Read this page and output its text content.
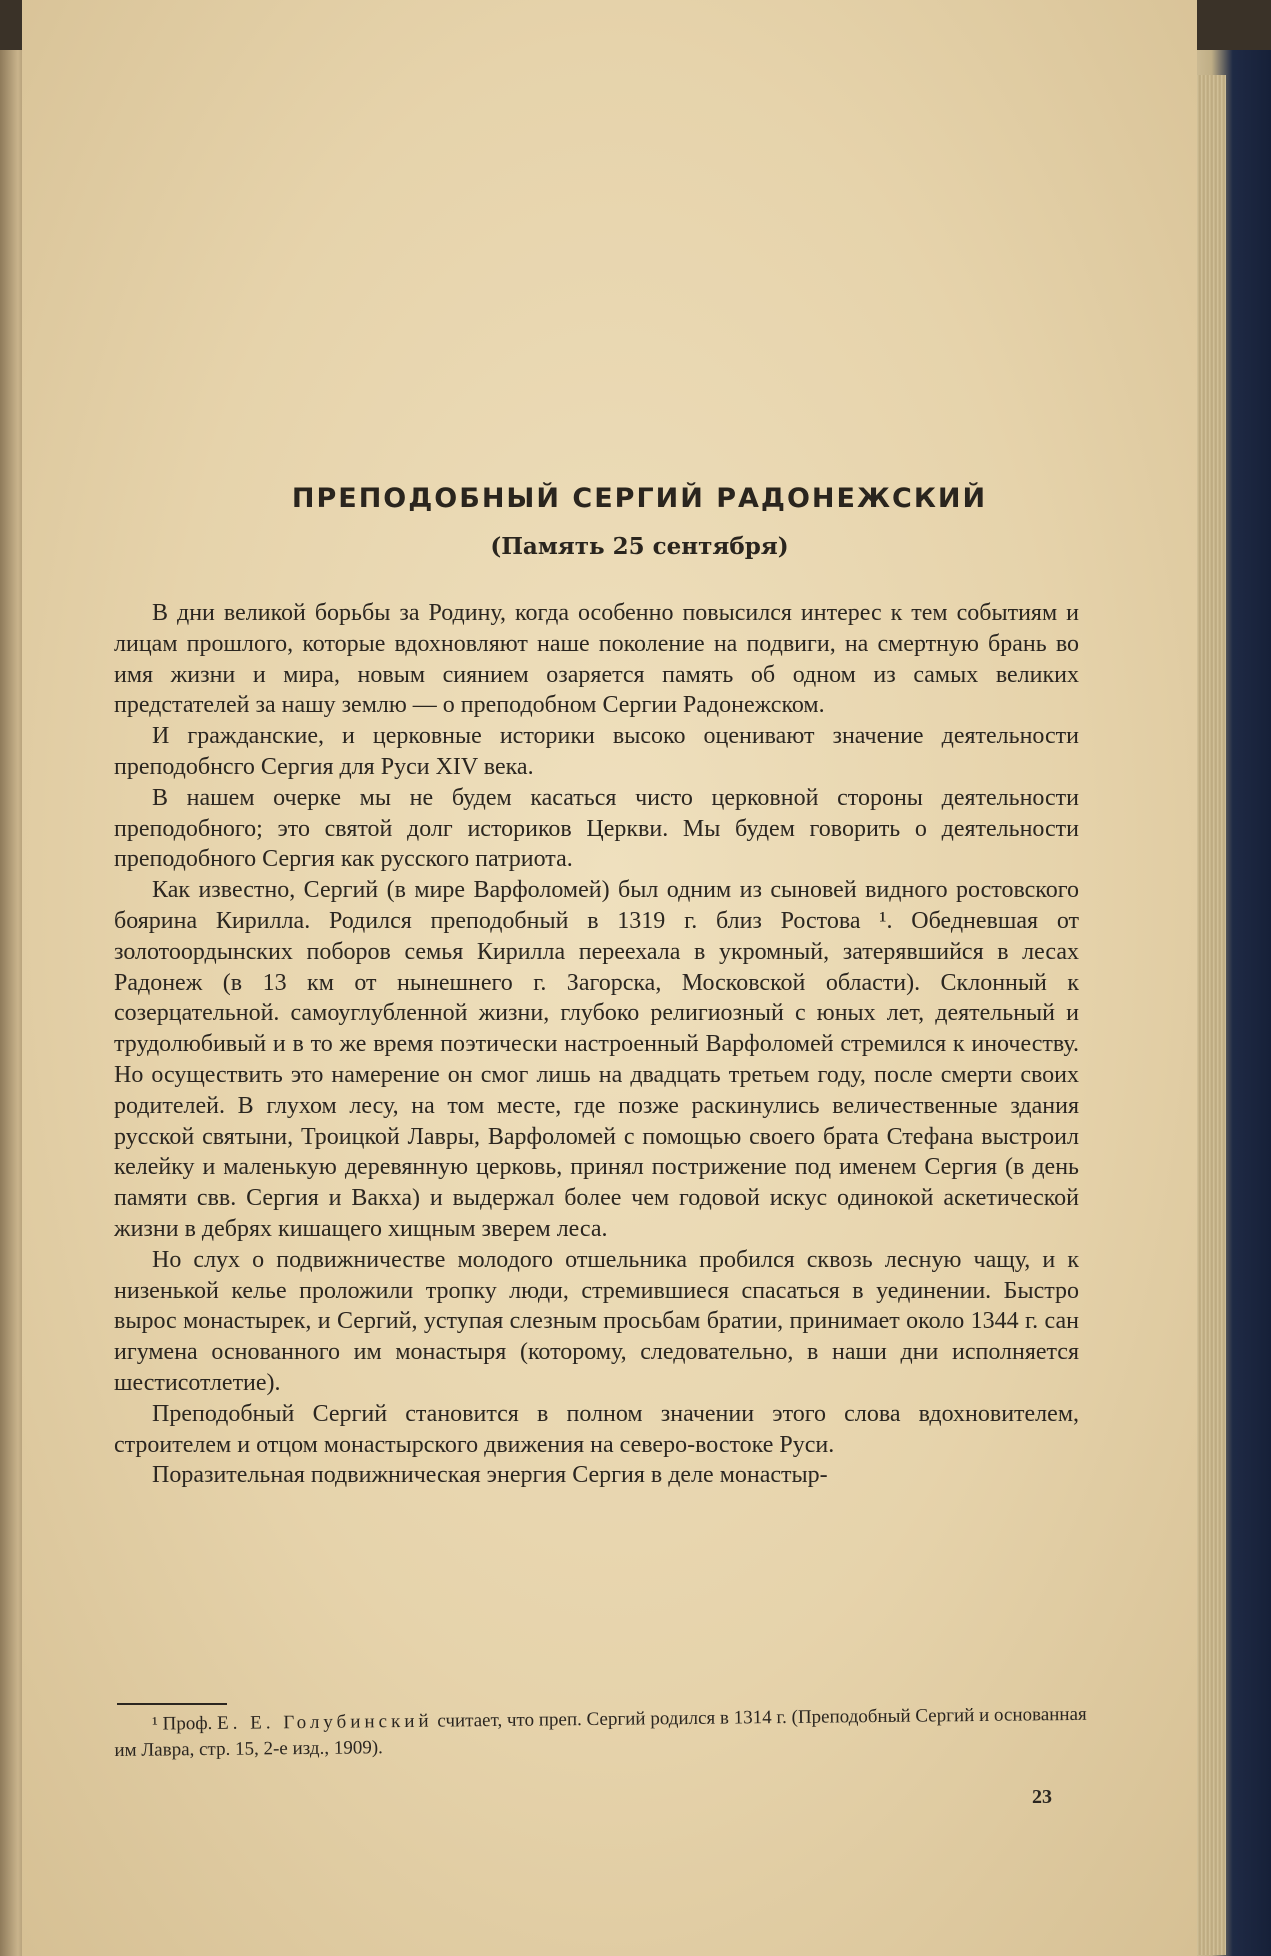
ПРЕПОДОБНЫЙ СЕРГИЙ РАДОНЕЖСКИЙ
(Память 25 сентября)

В дни великой борьбы за Родину, когда особенно повысился интерес к тем событиям и лицам прошлого, которые вдохновляют наше поколение на подвиги, на смертную брань во имя жизни и мира, новым сиянием озаряется память об одном из самых великих предстателей за нашу землю — о преподобном Сергии Радонежском.

И гражданские, и церковные историки высоко оценивают значение деятельности преподобнсго Сергия для Руси XIV века.

В нашем очерке мы не будем касаться чисто церковной стороны деятельности преподобного; это святой долг историков Церкви. Мы будем говорить о деятельности преподобного Сергия как русского патриота.

Как известно, Сергий (в мире Варфоломей) был одним из сыновей видного ростовского боярина Кирилла. Родился преподобный в 1319 г. близ Ростова ¹. Обедневшая от золотоордынских поборов семья Кирилла переехала в укромный, затерявшийся в лесах Радонеж (в 13 км от нынешнего г. Загорска, Московской области). Склонный к созерцательной. самоуглубленной жизни, глубоко религиозный с юных лет, деятельный и трудолюбивый и в то же время поэтически настроенный Варфоломей стремился к иночеству. Но осуществить это намерение он смог лишь на двадцать третьем году, после смерти своих родителей. В глухом лесу, на том месте, где позже раскинулись величественные здания русской святыни, Троицкой Лавры, Варфоломей с помощью своего брата Стефана выстроил келейку и маленькую деревянную церковь, принял пострижение под именем Сергия (в день памяти свв. Сергия и Вакха) и выдержал более чем годовой искус одинокой аскетической жизни в дебрях кишащего хищным зверем леса.

Но слух о подвижничестве молодого отшельника пробился сквозь лесную чащу, и к низенькой келье проложили тропку люди, стремившиеся спасаться в уединении. Быстро вырос монастырек, и Сергий, уступая слезным просьбам братии, принимает около 1344 г. сан игумена основанного им монастыря (которому, следовательно, в наши дни исполняется шестисотлетие).

Преподобный Сергий становится в полном значении этого слова вдохновителем, строителем и отцом монастырского движения на северо-востоке Руси.

Поразительная подвижническая энергия Сергия в деле монастыр-

¹ Проф. Е. Е. Голубинский считает, что преп. Сергий родился в 1314 г. (Преподобный Сергий и основанная им Лавра, стр. 15, 2-е изд., 1909).

23
